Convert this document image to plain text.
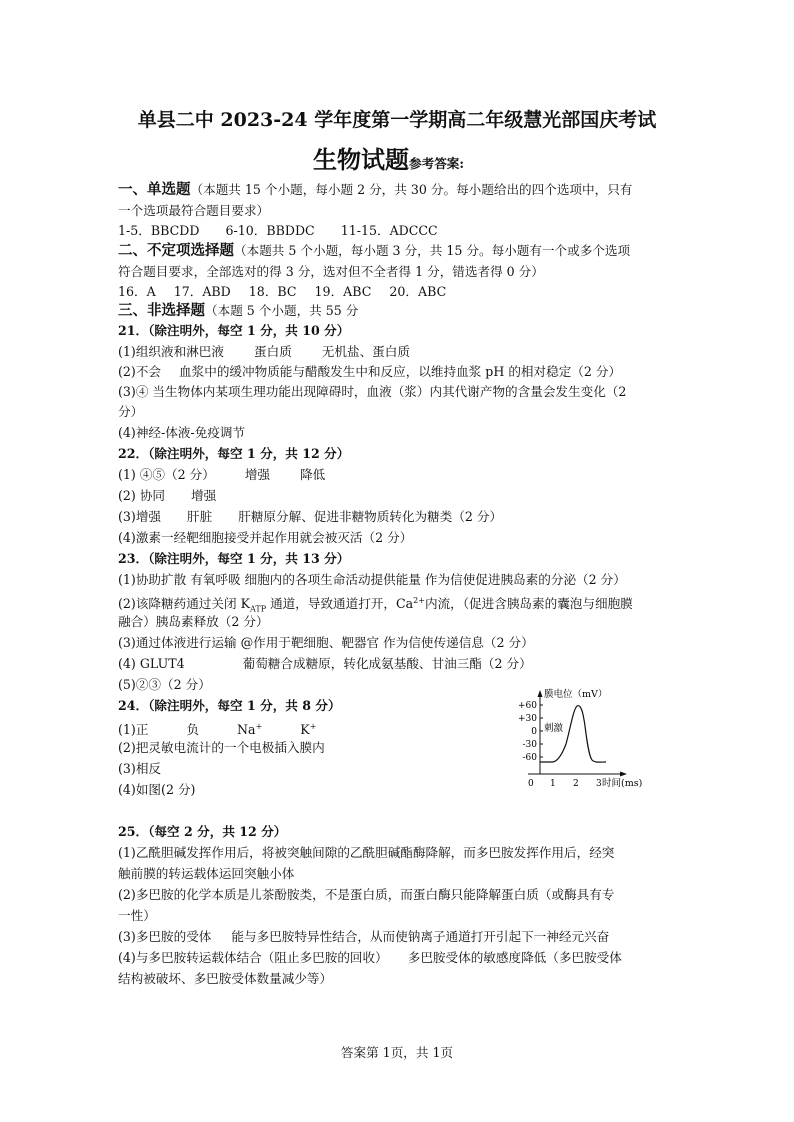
单县二中 2023-24 学年度第一学期高二年级慧光部国庆考试
生物试题参考答案:
一、单选题（本题共 15 个小题，每小题 2 分，共 30 分。每小题给出的四个选项中，只有
一个选项最符合题目要求）
1-5．BBCDD 6-10．BBDDC 11-15．ADCCC
二、不定项选择题（本题共 5 个小题，每小题 3 分，共 15 分。每小题有一个或多个选项
符合题目要求，全部选对的得 3 分，选对但不全者得 1 分，错选者得 0 分）
16．A 17．ABD 18．BC 19．ABC 20．ABC
三、非选择题（本题 5 个小题，共 55 分
21．（除注明外，每空 1 分，共 10 分）
(1)组织液和淋巴液 蛋白质 无机盐、蛋白质
(2)不会 血浆中的缓冲物质能与醋酸发生中和反应，以维持血浆 pH 的相对稳定（2 分）
(3)④ 当生物体内某项生理功能出现障碍时，血液（浆）内其代谢产物的含量会发生变化（2
分）
(4)神经-体液-免疫调节
22．（除注明外，每空 1 分，共 12 分）
(1) ④⑤（2 分） 增强 降低
(2) 协同 增强
(3)增强 肝脏 肝糖原分解、促进非糖物质转化为糖类（2 分）
(4)激素一经靶细胞接受并起作用就会被灭活（2 分）
23．（除注明外，每空 1 分，共 13 分）
(1)协助扩散 有氧呼吸 细胞内的各项生命活动提供能量 作为信使促进胰岛素的分泌（2 分）
(2)该降糖药通过关闭 $K_{ATP}$ 通道，导致通道打开，$Ca^{2+}$内流，（促进含胰岛素的囊泡与细胞膜
融合）胰岛素释放（2 分）
(3)通过体液进行运输 @作用于靶细胞、靶器官 作为信使传递信息（2 分）
(4) GLUT4	葡萄糖合成糖原，转化成氨基酸、甘油三酯（2 分）
(5)②③（2 分）
24．（除注明外，每空 1 分，共 8 分）
(1)正	负	Na+	K+
(2)把灵敏电流计的一个电极插入膜内
(3)相反
(4)如图(2 分)
+60
+30
0
-30
-60
膜电位（mV）
0 1 2 3 时间(ms)
刺激
25．（每空 2 分，共 12 分）
(1)乙酰胆碱发挥作用后，将被突触间隙的乙酰胆碱酯酶降解，而多巴胺发挥作用后，经突
触前膜的转运载体运回突触小体
(2)多巴胺的化学本质是儿茶酚胺类，不是蛋白质，而蛋白酶只能降解蛋白质（或酶具有专
一性）
(3)多巴胺的受体 能与多巴胺特异性结合，从而使钠离子通道打开引起下一神经元兴奋
(4)与多巴胺转运载体结合（阻止多巴胺的回收） 多巴胺受体的敏感度降低（多巴胺受体
结构被破坏、多巴胺受体数量减少等）
答案第 1页，共 1页
